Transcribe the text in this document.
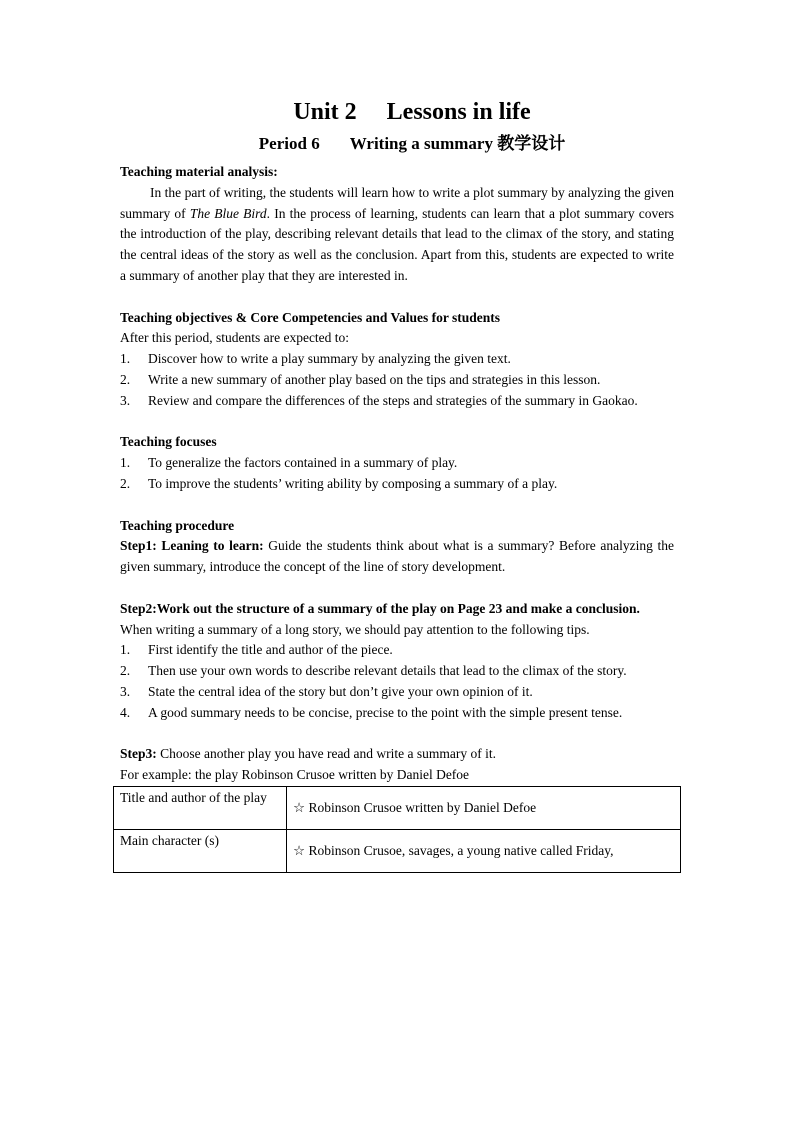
Unit 2 Lessons in life
Period 6 Writing a summary 教学设计
Teaching material analysis:

In the part of writing, the students will learn how to write a plot summary by analyzing the given summary of The Blue Bird. In the process of learning, students can learn that a plot summary covers the introduction of the play, describing relevant details that lead to the climax of the story, and stating the central ideas of the story as well as the conclusion. Apart from this, students are expected to write a summary of another play that they are interested in.

Teaching objectives & Core Competencies and Values for students

After this period, students are expected to:

1. Discover how to write a play summary by analyzing the given text.
2. Write a new summary of another play based on the tips and strategies in this lesson.
3. Review and compare the differences of the steps and strategies of the summary in Gaokao.
Teaching focuses
1. To generalize the factors contained in a summary of play.
2. To improve the students’ writing ability by composing a summary of a play.
Teaching procedure

Step1: Leaning to learn: Guide the students think about what is a summary? Before analyzing the given summary, introduce the concept of the line of story development.

Step2:Work out the structure of a summary of the play on Page 23 and make a conclusion.

When writing a summary of a long story, we should pay attention to the following tips.

1. First identify the title and author of the piece.
2. Then use your own words to describe relevant details that lead to the climax of the story.
3. State the central idea of the story but don’t give your own opinion of it.
4. A good summary needs to be concise, precise to the point with the simple present tense.

Step3: Choose another play you have read and write a summary of it.

For example: the play Robinson Crusoe written by Daniel Defoe

Title and author of the play	☆ Robinson Crusoe written by Daniel Defoe

Main character (s)	☆ Robinson Crusoe, savages, a young native called Friday,
